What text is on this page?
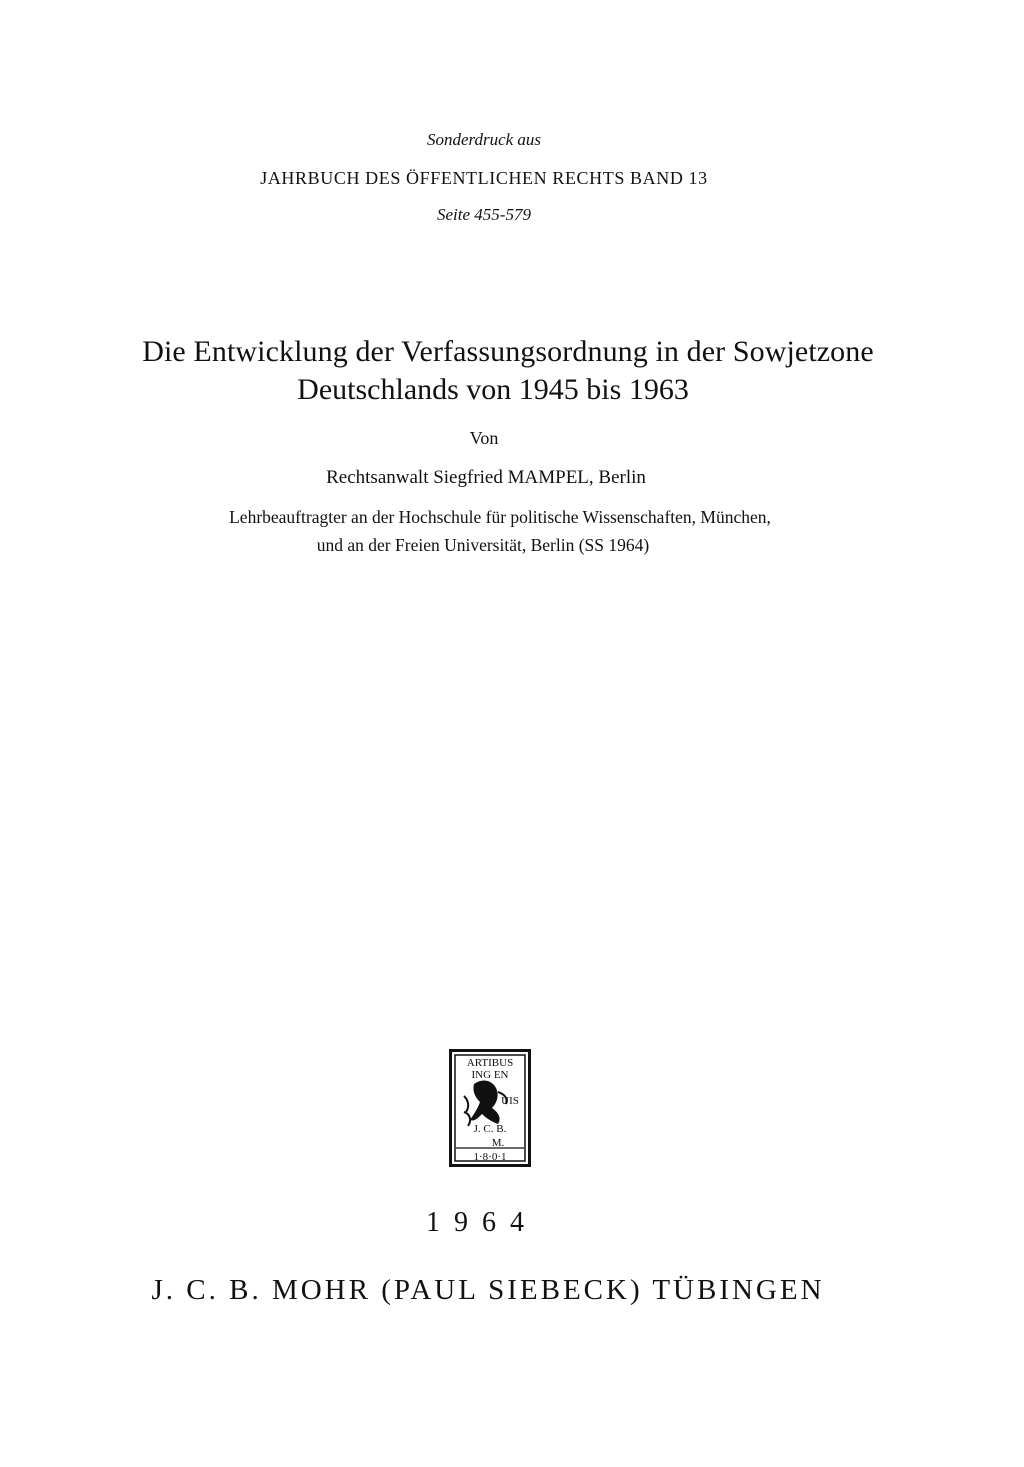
Sonderdruck aus
JAHRBUCH DES ÖFFENTLICHEN RECHTS BAND 13
Seite 455-579
Die Entwicklung der Verfassungsordnung in der Sowjetzone
Deutschlands von 1945 bis 1963
Von
Rechtsanwalt Siegfried MAMPEL, Berlin
Lehrbeauftragter an der Hochschule für politische Wissenschaften, München,
und an der Freien Universität, Berlin (SS 1964)
ARTIBUS
ING EN
UIS
J. C. B.
M.
1·8·0·1
1964
J. C. B. MOHR (PAUL SIEBECK) TÜBINGEN
